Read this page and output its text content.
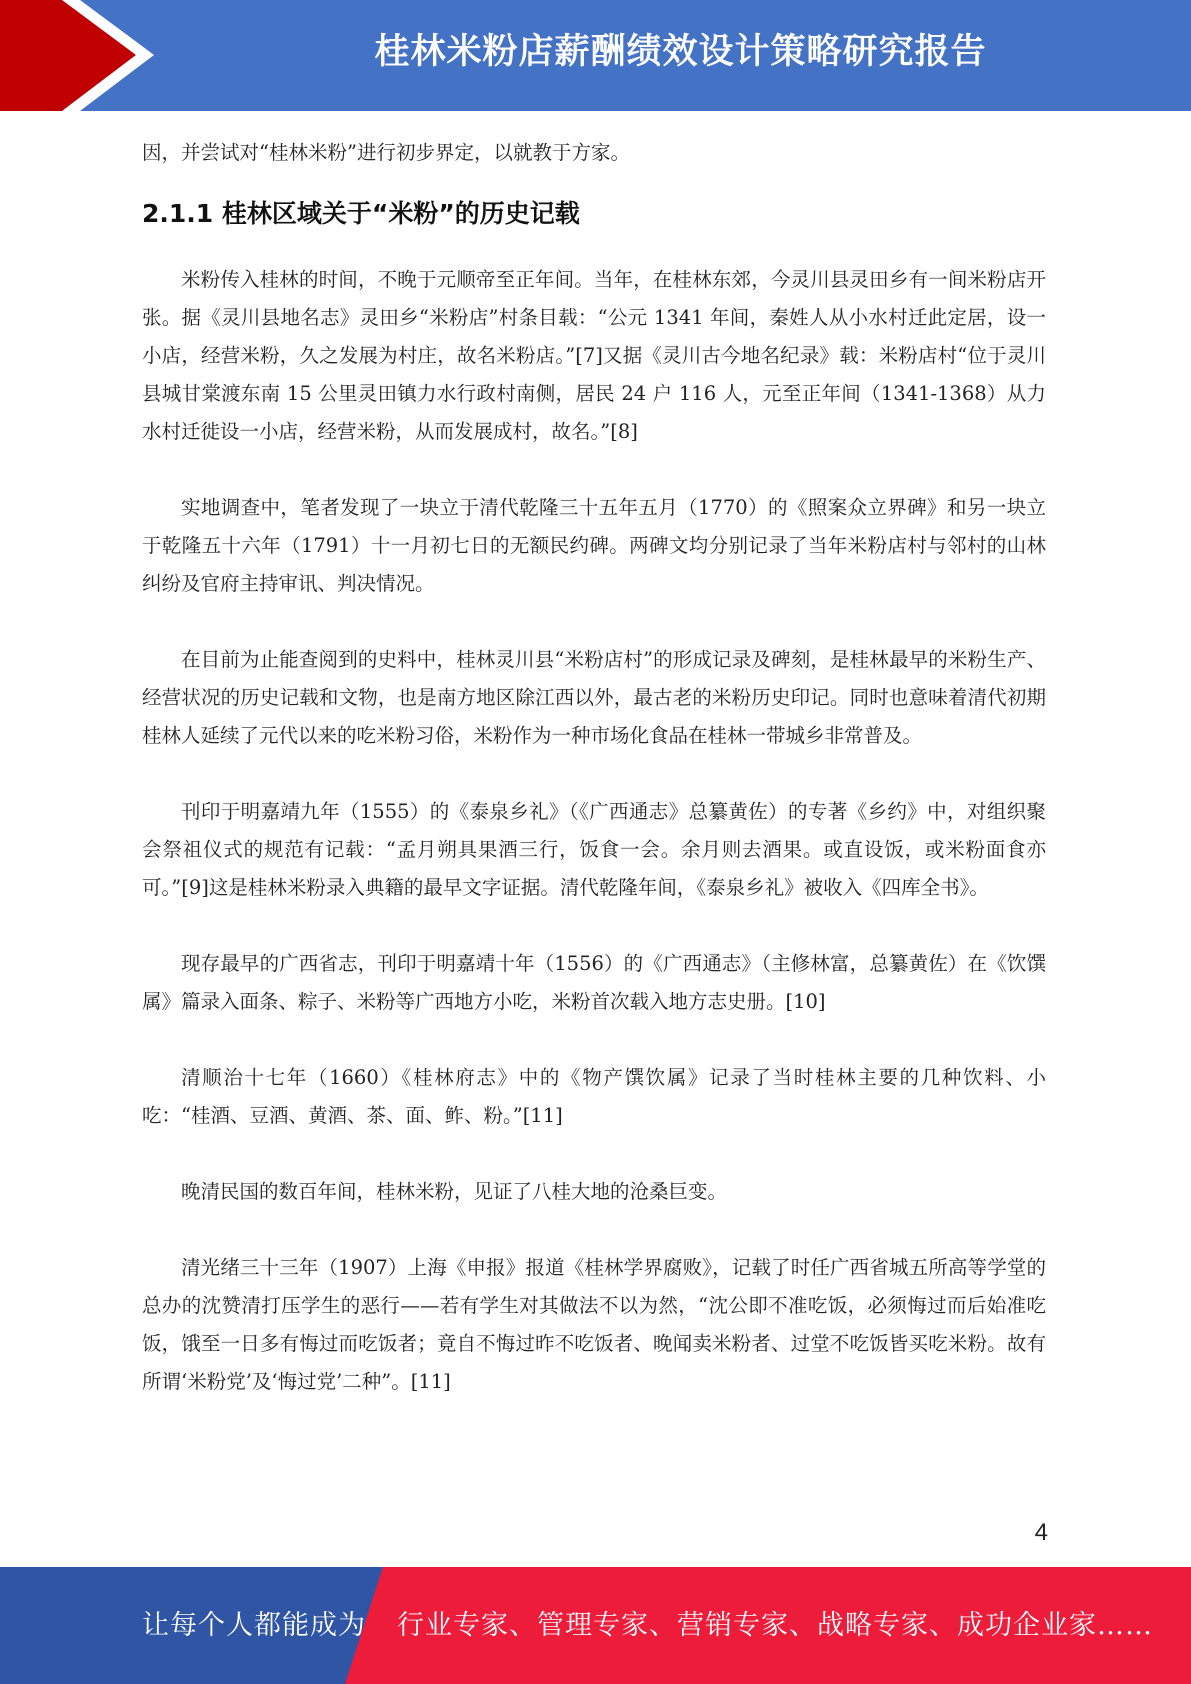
桂林米粉店薪酬绩效设计策略研究报告

因，并尝试对“桂林米粉”进行初步界定，以就教于方家。

2.1.1 桂林区域关于“米粉”的历史记载

米粉传入桂林的时间，不晚于元顺帝至正年间。当年，在桂林东郊，今灵川县灵田乡有一间米粉店开张。据《灵川县地名志》灵田乡“米粉店”村条目载：“公元 1341 年间，秦姓人从小水村迁此定居，设一小店，经营米粉，久之发展为村庄，故名米粉店。”[7]又据《灵川古今地名纪录》载：米粉店村“位于灵川县城甘棠渡东南 15 公里灵田镇力水行政村南侧，居民 24 户 116 人，元至正年间（1341-1368）从力水村迁徙设一小店，经营米粉，从而发展成村，故名。”[8]

实地调查中，笔者发现了一块立于清代乾隆三十五年五月（1770）的《照案众立界碑》和另一块立于乾隆五十六年（1791）十一月初七日的无额民约碑。两碑文均分别记录了当年米粉店村与邻村的山林纠纷及官府主持审讯、判决情况。

在目前为止能查阅到的史料中，桂林灵川县“米粉店村”的形成记录及碑刻，是桂林最早的米粉生产、经营状况的历史记载和文物，也是南方地区除江西以外，最古老的米粉历史印记。同时也意味着清代初期桂林人延续了元代以来的吃米粉习俗，米粉作为一种市场化食品在桂林一带城乡非常普及。

刊印于明嘉靖九年（1555）的《泰泉乡礼》（《广西通志》总纂黄佐）的专著《乡约》中，对组织聚会祭祖仪式的规范有记载：“孟月朔具果酒三行，饭食一会。余月则去酒果。或直设饭，或米粉面食亦可。”[9]这是桂林米粉录入典籍的最早文字证据。清代乾隆年间，《泰泉乡礼》被收入《四库全书》。

现存最早的广西省志，刊印于明嘉靖十年（1556）的《广西通志》（主修林富，总纂黄佐）在《饮馔属》篇录入面条、粽子、米粉等广西地方小吃，米粉首次载入地方志史册。[10]

清顺治十七年（1660）《桂林府志》中的《物产馔饮属》记录了当时桂林主要的几种饮料、小吃：“桂酒、豆酒、黄酒、茶、面、鲊、粉。”[11]

晚清民国的数百年间，桂林米粉，见证了八桂大地的沧桑巨变。

清光绪三十三年（1907）上海《申报》报道《桂林学界腐败》，记载了时任广西省城五所高等学堂的总办的沈赞清打压学生的恶行——若有学生对其做法不以为然，“沈公即不准吃饭，必须悔过而后始准吃饭，饿至一日多有悔过而吃饭者；竟自不悔过昨不吃饭者、晚闻卖米粉者、过堂不吃饭皆买吃米粉。故有所谓‘米粉党’及‘悔过党’二种”。[11]

4
让每个人都能成为 行业专家、管理专家、营销专家、战略专家、成功企业家……
